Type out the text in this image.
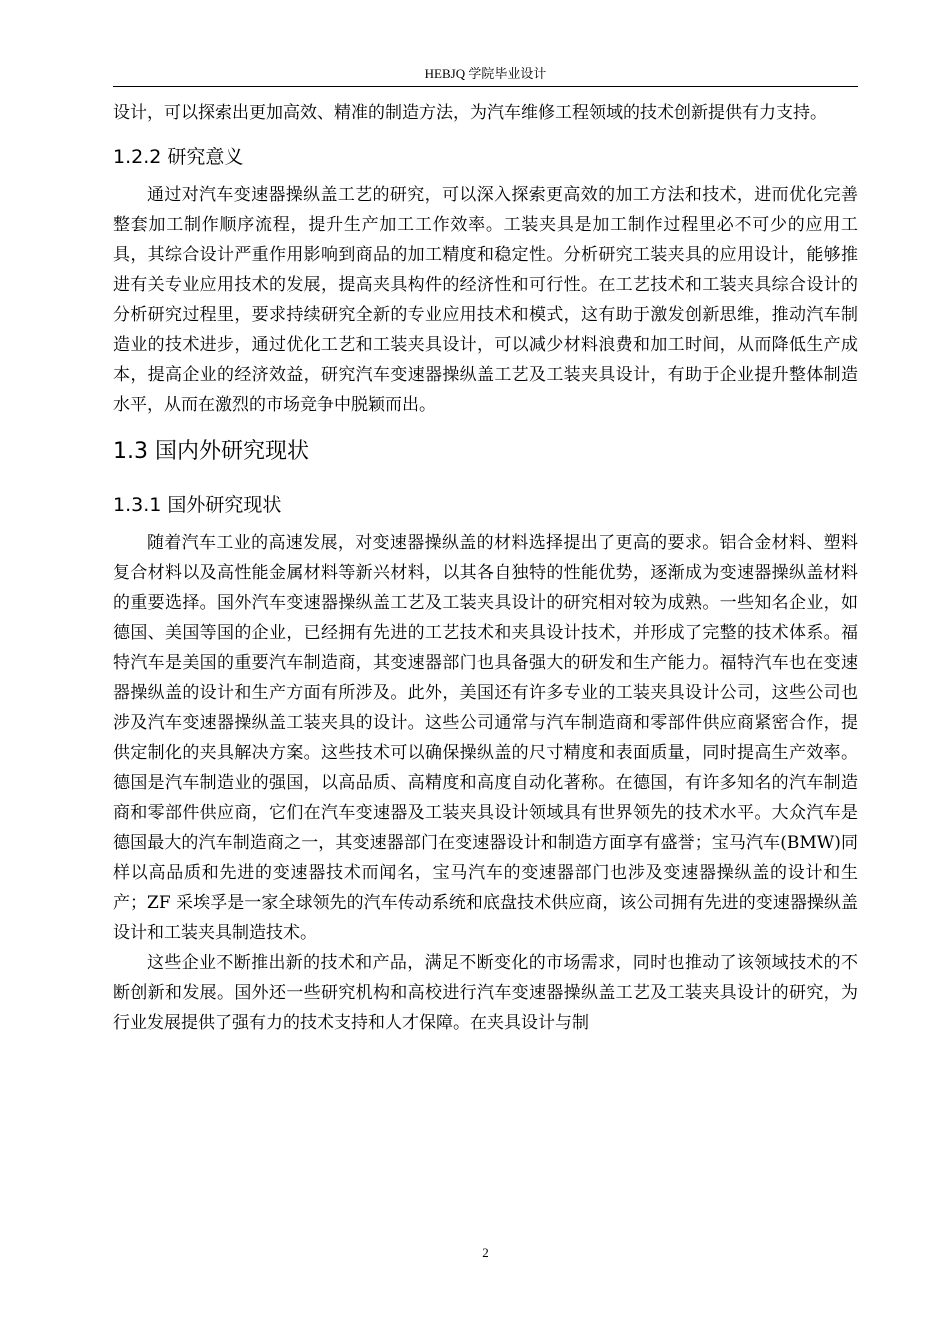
HEBJQ 学院毕业设计

设计，可以探索出更加高效、精准的制造方法，为汽车维修工程领域的技术创新提供有力支持。

1.2.2 研究意义

通过对汽车变速器操纵盖工艺的研究，可以深入探索更高效的加工方法和技术，进而优化完善整套加工制作顺序流程，提升生产加工工作效率。工装夹具是加工制作过程里必不可少的应用工具，其综合设计严重作用影响到商品的加工精度和稳定性。分析研究工装夹具的应用设计，能够推进有关专业应用技术的发展，提高夹具构件的经济性和可行性。在工艺技术和工装夹具综合设计的分析研究过程里，要求持续研究全新的专业应用技术和模式，这有助于激发创新思维，推动汽车制造业的技术进步，通过优化工艺和工装夹具设计，可以减少材料浪费和加工时间，从而降低生产成本，提高企业的经济效益，研究汽车变速器操纵盖工艺及工装夹具设计，有助于企业提升整体制造水平，从而在激烈的市场竞争中脱颖而出。

1.3 国内外研究现状
1.3.1 国外研究现状

随着汽车工业的高速发展，对变速器操纵盖的材料选择提出了更高的要求。铝合金材料、塑料复合材料以及高性能金属材料等新兴材料，以其各自独特的性能优势，逐渐成为变速器操纵盖材料的重要选择。国外汽车变速器操纵盖工艺及工装夹具设计的研究相对较为成熟。一些知名企业，如德国、美国等国的企业，已经拥有先进的工艺技术和夹具设计技术，并形成了完整的技术体系。福特汽车是美国的重要汽车制造商，其变速器部门也具备强大的研发和生产能力。福特汽车也在变速器操纵盖的设计和生产方面有所涉及。此外，美国还有许多专业的工装夹具设计公司，这些公司也涉及汽车变速器操纵盖工装夹具的设计。这些公司通常与汽车制造商和零部件供应商紧密合作，提供定制化的夹具解决方案。这些技术可以确保操纵盖的尺寸精度和表面质量，同时提高生产效率。德国是汽车制造业的强国，以高品质、高精度和高度自动化著称。在德国，有许多知名的汽车制造商和零部件供应商，它们在汽车变速器及工装夹具设计领域具有世界领先的技术水平。大众汽车是德国最大的汽车制造商之一，其变速器部门在变速器设计和制造方面享有盛誉；宝马汽车(BMW)同样以高品质和先进的变速器技术而闻名，宝马汽车的变速器部门也涉及变速器操纵盖的设计和生产；ZF 采埃孚是一家全球领先的汽车传动系统和底盘技术供应商，该公司拥有先进的变速器操纵盖设计和工装夹具制造技术。

这些企业不断推出新的技术和产品，满足不断变化的市场需求，同时也推动了该领域技术的不断创新和发展。国外还一些研究机构和高校进行汽车变速器操纵盖工艺及工装夹具设计的研究，为行业发展提供了强有力的技术支持和人才保障。在夹具设计与制

2
